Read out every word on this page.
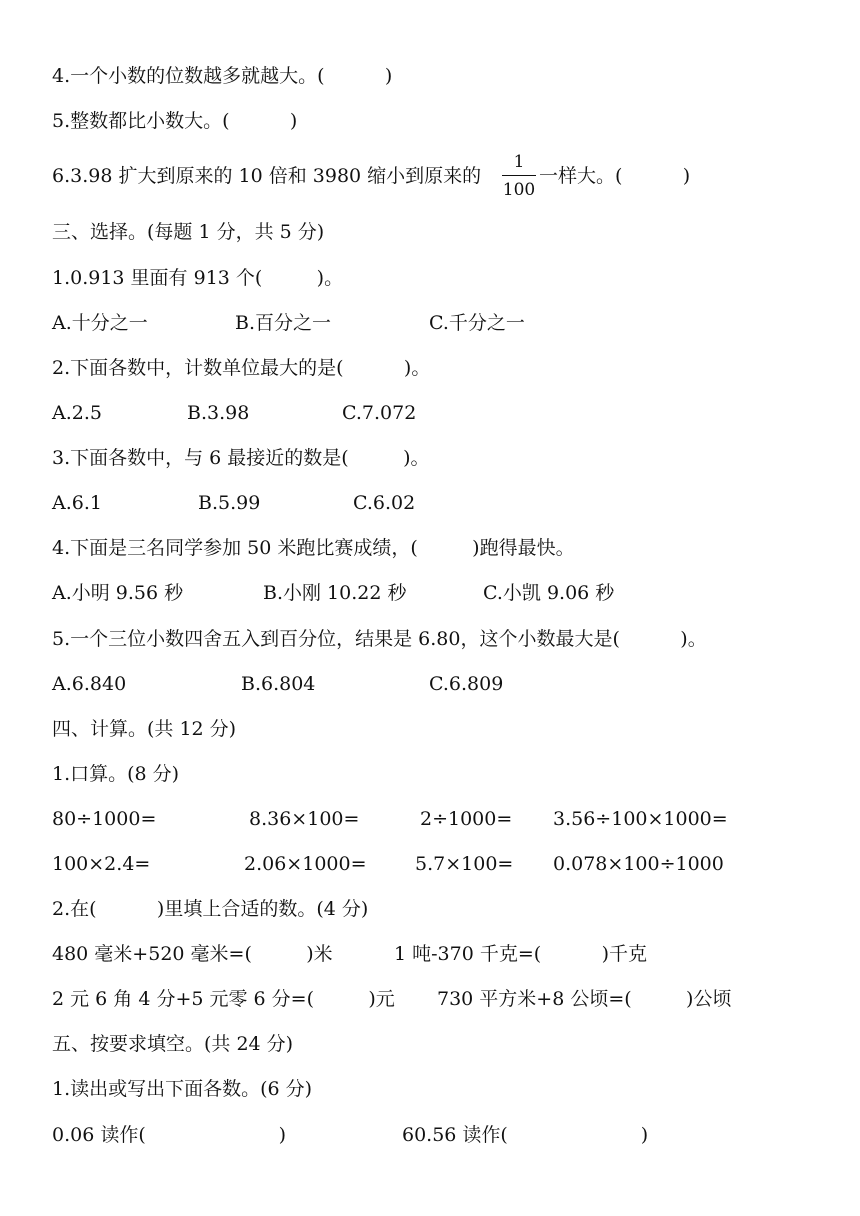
4.一个小数的位数越多就越大。(          )
5.整数都比小数大。(          )
6.3.98 扩大到原来的 10 倍和 3980 缩小到原来的
1
100
一样大。(          )
三、选择。(每题 1 分，共 5 分)
1.0.913 里面有 913 个(         )。
A.十分之一	B.百分之一	C.千分之一
2.下面各数中，计数单位最大的是(          )。
A.2.5	B.3.98	C.7.072
3.下面各数中，与 6 最接近的数是(         )。
A.6.1	B.5.99	C.6.02
4.下面是三名同学参加 50 米跑比赛成绩，(         )跑得最快。
A.小明 9.56 秒	B.小刚 10.22 秒	C.小凯 9.06 秒
5.一个三位小数四舍五入到百分位，结果是 6.80，这个小数最大是(          )。
A.6.840	B.6.804	C.6.809
四、计算。(共 12 分)
1.口算。(8 分)
80÷1000=	8.36×100=	2÷1000= 3.56÷100×1000=
100×2.4=	2.06×1000=	5.7×100= 0.078×100÷1000
2.在(          )里填上合适的数。(4 分)
480 毫米+520 毫米=(         )米	1 吨-370 千克=(          )千克
2 元 6 角 4 分+5 元零 6 分=(         )元 730 平方米+8 公顷=(         )公顷
五、按要求填空。(共 24 分)
1.读出或写出下面各数。(6 分)
0.06 读作(                      )	60.56 读作(                      )
